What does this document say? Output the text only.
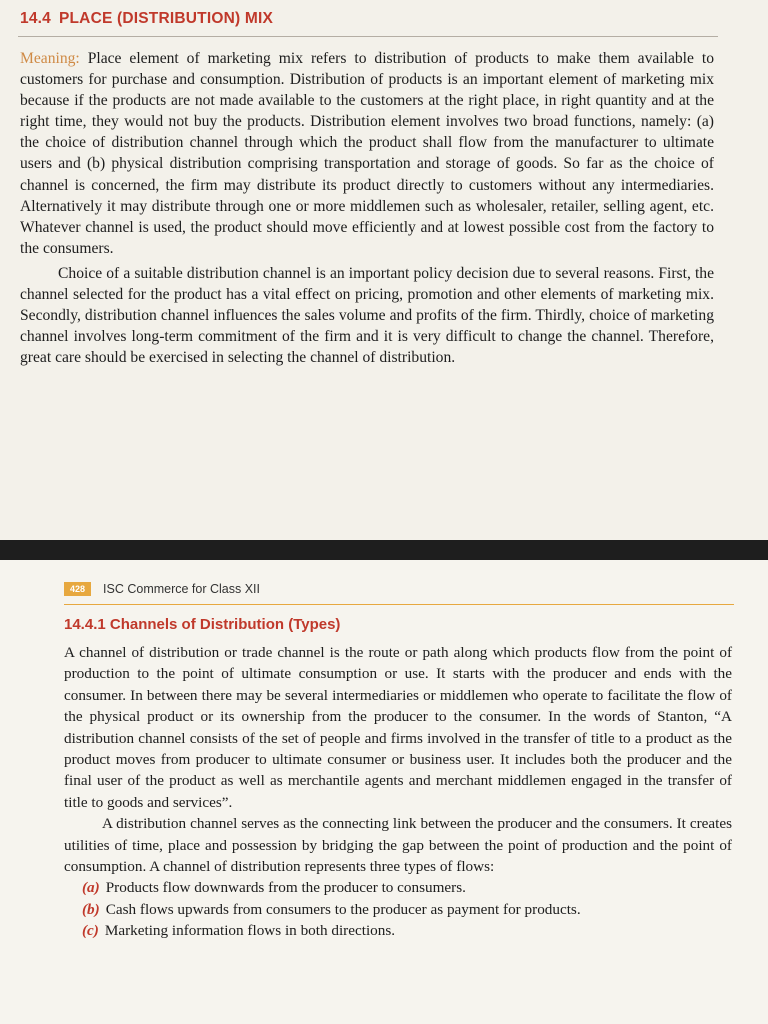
14.4 PLACE (DISTRIBUTION) MIX

Meaning: Place element of marketing mix refers to distribution of products to make them available to customers for purchase and consumption. Distribution of products is an important element of marketing mix because if the products are not made available to the customers at the right place, in right quantity and at the right time, they would not buy the products. Distribution element involves two broad functions, namely: (a) the choice of distribution channel through which the product shall flow from the manufacturer to ultimate users and (b) physical distribution comprising transportation and storage of goods. So far as the choice of channel is concerned, the firm may distribute its product directly to customers without any intermediaries. Alternatively it may distribute through one or more middlemen such as wholesaler, retailer, selling agent, etc. Whatever channel is used, the product should move efficiently and at lowest possible cost from the factory to the consumers.

Choice of a suitable distribution channel is an important policy decision due to several reasons. First, the channel selected for the product has a vital effect on pricing, promotion and other elements of marketing mix. Secondly, distribution channel influences the sales volume and profits of the firm. Thirdly, choice of marketing channel involves long-term commitment of the firm and it is very difficult to change the channel. Therefore, great care should be exercised in selecting the channel of distribution.

428	ISC Commerce for Class XII
14.4.1 Channels of Distribution (Types)

A channel of distribution or trade channel is the route or path along which products flow from the point of production to the point of ultimate consumption or use. It starts with the producer and ends with the consumer. In between there may be several intermediaries or middlemen who operate to facilitate the flow of the physical product or its ownership from the producer to the consumer. In the words of Stanton, “A distribution channel consists of the set of people and firms involved in the transfer of title to a product as the product moves from producer to ultimate consumer or business user. It includes both the producer and the final user of the product as well as merchantile agents and merchant middlemen engaged in the transfer of title to goods and services”.

A distribution channel serves as the connecting link between the producer and the consumers. It creates utilities of time, place and possession by bridging the gap between the point of production and the point of consumption. A channel of distribution represents three types of flows:

(a) Products flow downwards from the producer to consumers.
(b) Cash flows upwards from consumers to the producer as payment for products.
(c) Marketing information flows in both directions.
